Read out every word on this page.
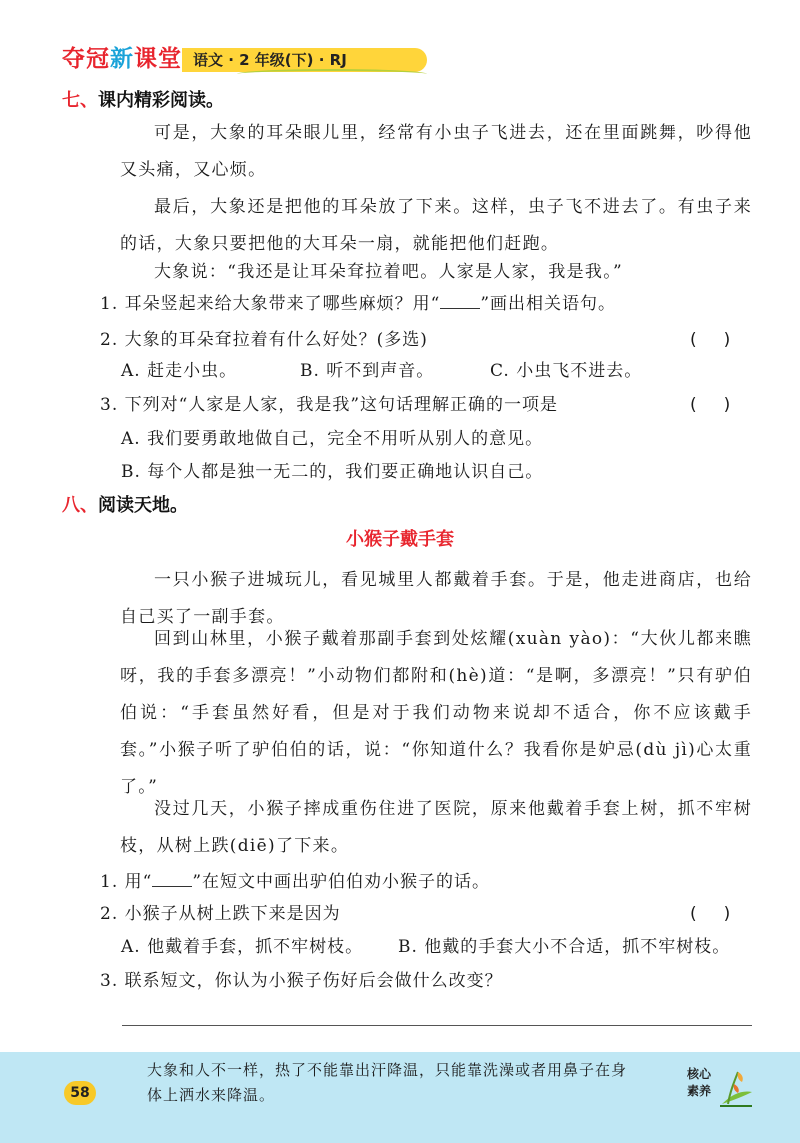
夺冠新课堂 语文 · 2 年级(下) · RJ
七、课内精彩阅读。

可是，大象的耳朵眼儿里，经常有小虫子飞进去，还在里面跳舞，吵得他又头痛，又心烦。

最后，大象还是把他的耳朵放了下来。这样，虫子飞不进去了。有虫子来的话，大象只要把他的大耳朵一扇，就能把他们赶跑。

大象说：“我还是让耳朵耷拉着吧。人家是人家，我是我。”

1. 耳朵竖起来给大象带来了哪些麻烦？用“ ”画出相关语句。
2. 大象的耳朵耷拉着有什么好处？(多选)	(     )
A. 赶走小虫。	B. 听不到声音。	C. 小虫飞不进去。
3. 下列对“人家是人家，我是我”这句话理解正确的一项是	(     )
A. 我们要勇敢地做自己，完全不用听从别人的意见。
B. 每个人都是独一无二的，我们要正确地认识自己。
八、阅读天地。
小猴子戴手套

一只小猴子进城玩儿，看见城里人都戴着手套。于是，他走进商店，也给自己买了一副手套。

回到山林里，小猴子戴着那副手套到处炫耀(xuàn yào)：“大伙儿都来瞧呀，我的手套多漂亮！”小动物们都附和(hè)道：“是啊，多漂亮！”只有驴伯伯说：“手套虽然好看，但是对于我们动物来说却不适合，你不应该戴手套。”小猴子听了驴伯伯的话，说：“你知道什么？我看你是妒忌(dù jì)心太重了。”

没过几天，小猴子摔成重伤住进了医院，原来他戴着手套上树，抓不牢树枝，从树上跌(diē)了下来。

1. 用“ ”在短文中画出驴伯伯劝小猴子的话。
2. 小猴子从树上跌下来是因为	(     )
A. 他戴着手套，抓不牢树枝。 B. 他戴的手套大小不合适，抓不牢树枝。
3. 联系短文，你认为小猴子伤好后会做什么改变？
58

大象和人不一样，热了不能靠出汗降温，只能靠洗澡或者用鼻子在身体上洒水来降温。

核心
素养
